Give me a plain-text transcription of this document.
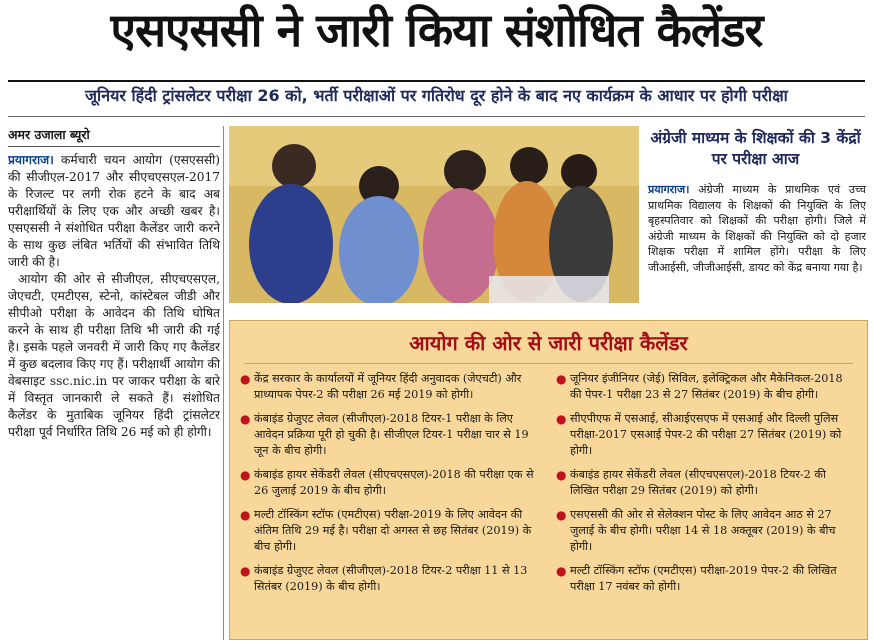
एसएससी ने जारी किया संशोधित कैलेंडर
जूनियर हिंदी ट्रांसलेटर परीक्षा 26 को, भर्ती परीक्षाओं पर गतिरोध दूर होने के बाद नए कार्यक्रम के आधार पर होगी परीक्षा
अमर उजाला ब्यूरो

प्रयागराज। कर्मचारी चयन आयोग (एसएससी) की सीजीएल-2017 और सीएचएसएल-2017 के रिजल्ट पर लगी रोक हटने के बाद अब परीक्षार्थियों के लिए एक और अच्छी खबर है। एसएससी ने संशोधित परीक्षा कैलेंडर जारी करने के साथ कुछ लंबित भर्तियों की संभावित तिथि जारी की है।

आयोग की ओर से सीजीएल, सीएचएसएल, जेएचटी, एमटीएस, स्टेनो, कांस्टेबल जीडी और सीपीओ परीक्षा के आवेदन की तिथि घोषित करने के साथ ही परीक्षा तिथि भी जारी की गई है। इसके पहले जनवरी में जारी किए गए कैलेंडर में कुछ बदलाव किए गए हैं। परीक्षार्थी आयोग की वेबसाइट ssc.nic.in पर जाकर परीक्षा के बारे में विस्तृत जानकारी ले सकते हैं। संशोधित कैलेंडर के मुताबिक जूनियर हिंदी ट्रांसलेटर परीक्षा पूर्व निर्धारित तिथि 26 मई को ही होगी।

अंग्रेजी माध्यम के शिक्षकों की 3 केंद्रों पर परीक्षा आज
प्रयागराज। अंग्रेजी माध्यम के प्राथमिक एवं उच्च प्राथमिक विद्यालय के शिक्षकों की नियुक्ति के लिए बृहस्पतिवार को शिक्षकों की परीक्षा होगी। जिले में अंग्रेजी माध्यम के शिक्षकों की नियुक्ति को दो हजार शिक्षक परीक्षा में शामिल होंगे। परीक्षा के लिए जीआईसी, जीजीआईसी, डायट को केंद्र बनाया गया है।
आयोग की ओर से जारी परीक्षा कैलेंडर
● केंद्र सरकार के कार्यालयों में जूनियर हिंदी अनुवादक (जेएचटी) और प्राध्यापक पेपर-2 की परीक्षा 26 मई 2019 को होगी।
● कंबाइंड ग्रेजुएट लेवल (सीजीएल)-2018 टियर-1 परीक्षा के लिए आवेदन प्रक्रिया पूरी हो चुकी है। सीजीएल टियर-1 परीक्षा चार से 19 जून के बीच होगी।
● कंबाइंड हायर सेकेंडरी लेवल (सीएचएसएल)-2018 की परीक्षा एक से 26 जुलाई 2019 के बीच होगी।
● मल्टी टॉस्किंग स्टॉफ (एमटीएस) परीक्षा-2019 के लिए आवेदन की अंतिम तिथि 29 मई है। परीक्षा दो अगस्त से छह सितंबर (2019) के बीच होगी।
● कंबाइंड ग्रेजुएट लेवल (सीजीएल)-2018 टियर-2 परीक्षा 11 से 13 सितंबर (2019) के बीच होगी।
● जूनियर इंजीनियर (जेई) सिविल, इलेक्ट्रिकल और मैकेनिकल-2018 की पेपर-1 परीक्षा 23 से 27 सितंबर (2019) के बीच होगी।
● सीएपीएफ में एसआई, सीआईएसएफ में एसआई और दिल्ली पुलिस परीक्षा-2017 एसआई पेपर-2 की परीक्षा 27 सितंबर (2019) को होगी।
● कंबाइंड हायर सेकेंडरी लेवल (सीएचएसएल)-2018 टियर-2 की लिखित परीक्षा 29 सितंबर (2019) को होगी।
● एसएससी की ओर से सेलेक्शन पोस्ट के लिए आवेदन आठ से 27 जुलाई के बीच होगी। परीक्षा 14 से 18 अक्तूबर (2019) के बीच होगी।
● मल्टी टॉस्किंग स्टॉफ (एमटीएस) परीक्षा-2019 पेपर-2 की लिखित परीक्षा 17 नवंबर को होगी।
